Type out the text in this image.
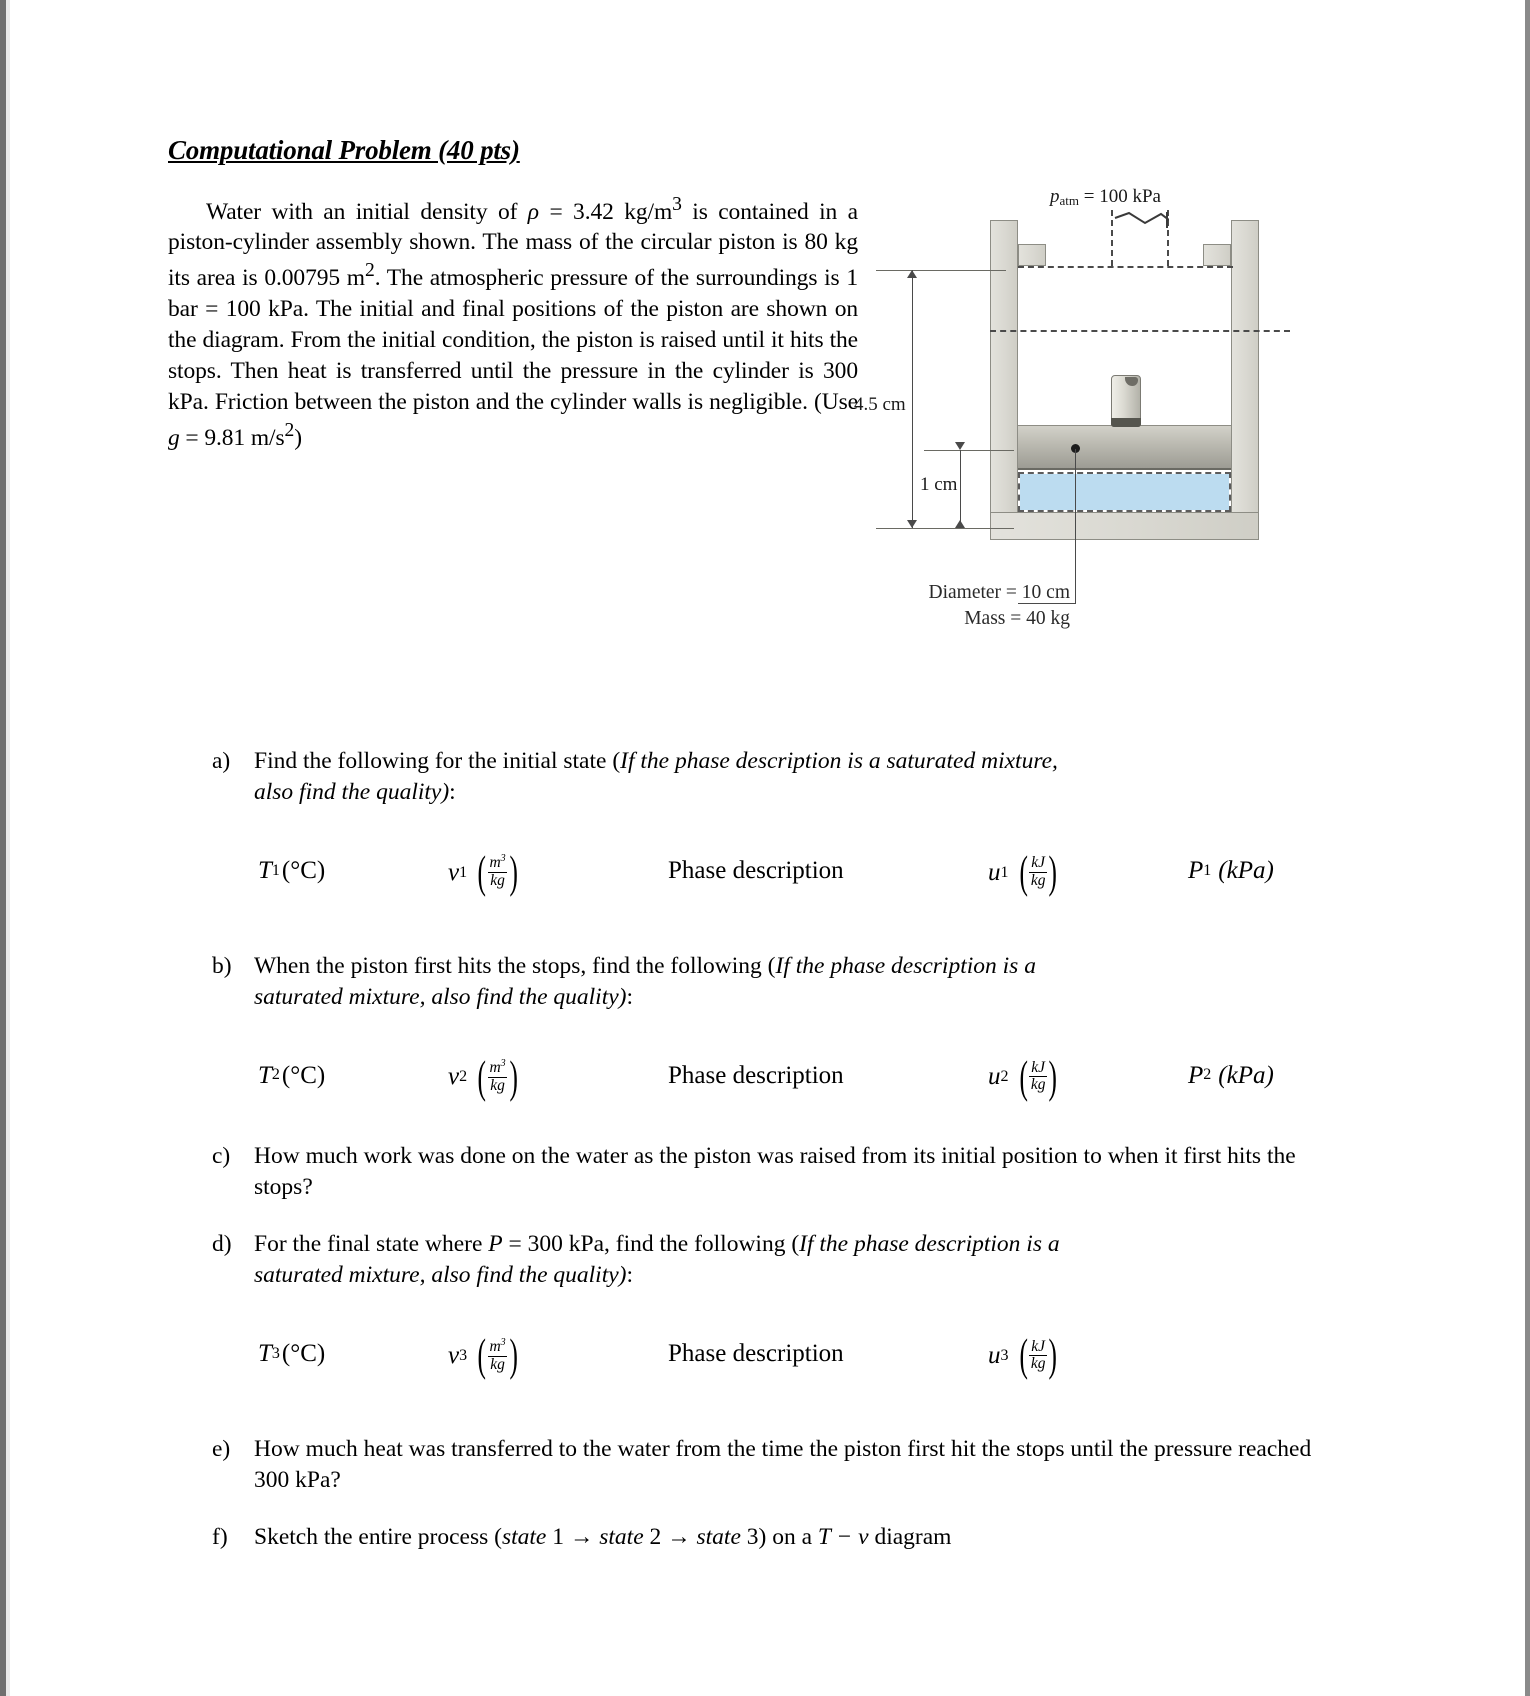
Computational Problem (40 pts)
Water with an initial density of ρ = 3.42 $kg/m^3$ is contained in a piston-cylinder assembly shown. The mass of the circular piston is 80 kg its area is 0.00795 $m^2$. The atmospheric pressure of the surroundings is 1 bar = 100 kPa. The initial and final positions of the piston are shown on the diagram. From the initial condition, the piston is raised until it hits the stops. Then heat is transferred until the pressure in the cylinder is 300 kPa. Friction between the piston and the cylinder walls is negligible. (Use g = 9.81 $m/s^2$)
$p_{atm} = 100$ kPa
4.5 cm
1 cm
Diameter = 10 cm
Mass = 40 kg
a)	Find the following for the initial state (If the phase description is a saturated mixture,

also find the quality):

T 1 (°C)	v 1 ( $\frac{m^3}{kg}$ )	Phase description	u 1 ( $\frac{kJ}{kg}$ )	P 1 (kPa)
b) When the piston first hits the stops, find the following (If the phase description is a

saturated mixture, also find the quality):

T 2 (°C)	v 2 ( $\frac{m^3}{kg}$ )	Phase description	u 2 ( $\frac{kJ}{kg}$ )	P 2 (kPa)
c)	How much work was done on the water as the piston was raised from its initial position to when it first hits the stops?

d) For the final state where P = 300 kPa, find the following (If the phase description is a

saturated mixture, also find the quality):

T 3 (°C)	v 3 ( $\frac{m^3}{kg}$ )	Phase description	u 3 ( $\frac{kJ}{kg}$ )
e)	How much heat was transferred to the water from the time the piston first hit the stops until the pressure reached 300 kPa?

f)	Sketch the entire process (state 1 → state 2 → state 3) on a T − v diagram
